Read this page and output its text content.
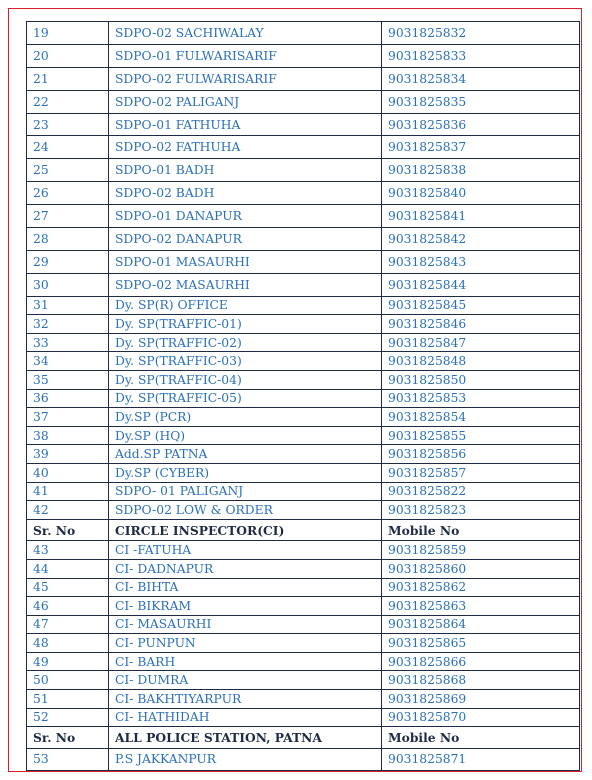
19	SDPO-02 SACHIWALAY	9031825832
20	SDPO-01 FULWARISARIF	9031825833
21	SDPO-02 FULWARISARIF	9031825834
22	SDPO-02 PALIGANJ	9031825835
23	SDPO-01 FATHUHA	9031825836
24	SDPO-02 FATHUHA	9031825837
25	SDPO-01 BADH	9031825838
26	SDPO-02 BADH	9031825840
27	SDPO-01 DANAPUR	9031825841
28	SDPO-02 DANAPUR	9031825842
29	SDPO-01 MASAURHI	9031825843
30	SDPO-02 MASAURHI	9031825844
31	Dy. SP(R) OFFICE	9031825845
32	Dy. SP(TRAFFIC-01)	9031825846
33	Dy. SP(TRAFFIC-02)	9031825847
34	Dy. SP(TRAFFIC-03)	9031825848
35	Dy. SP(TRAFFIC-04)	9031825850
36	Dy. SP(TRAFFIC-05)	9031825853
37	Dy.SP (PCR)	9031825854
38	Dy.SP (HQ)	9031825855
39	Add.SP PATNA	9031825856
40	Dy.SP (CYBER)	9031825857
41	SDPO- 01 PALIGANJ	9031825822
42	SDPO-02 LOW & ORDER	9031825823
Sr. No	CIRCLE INSPECTOR(CI)	Mobile No
43	CI -FATUHA	9031825859
44	CI- DADNAPUR	9031825860
45	CI- BIHTA	9031825862
46	CI- BIKRAM	9031825863
47	CI- MASAURHI	9031825864
48	CI- PUNPUN	9031825865
49	CI- BARH	9031825866
50	CI- DUMRA	9031825868
51	CI- BAKHTIYARPUR	9031825869
52	CI- HATHIDAH	9031825870
Sr. No	ALL POLICE STATION, PATNA	Mobile No
53	P.S JAKKANPUR	9031825871
